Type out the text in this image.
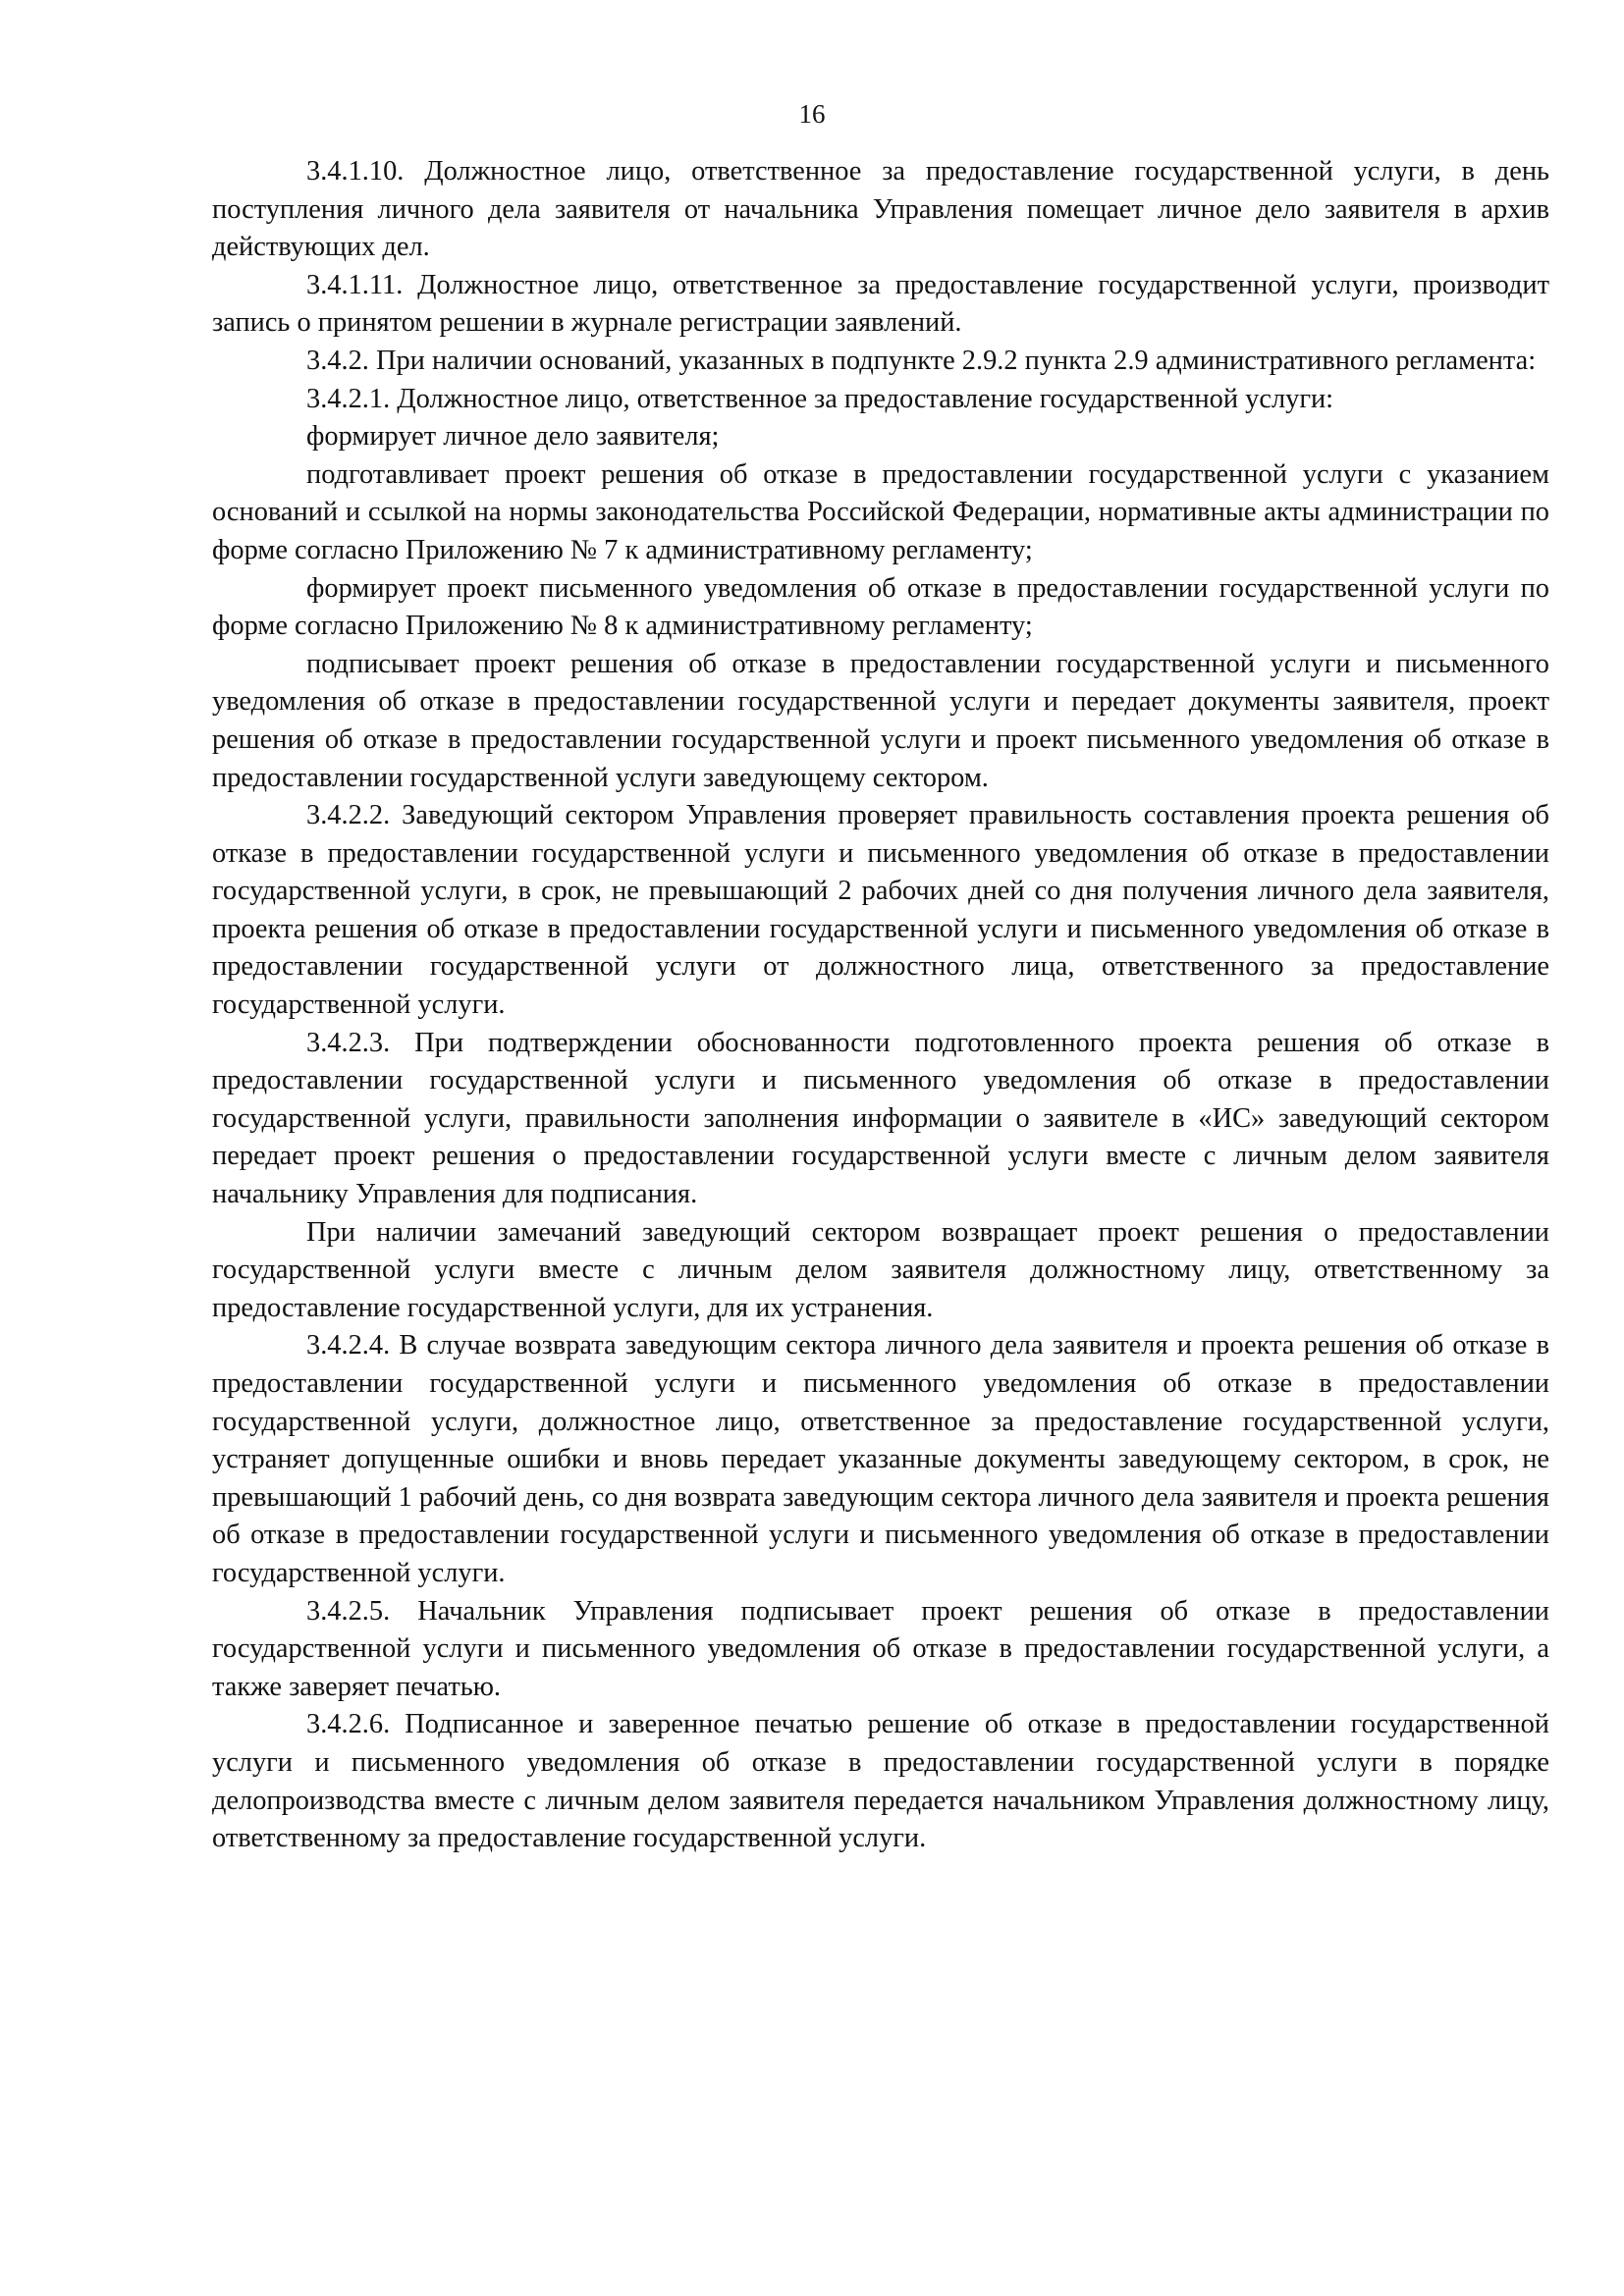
16

3.4.1.10. Должностное лицо, ответственное за предоставление государственной услуги, в день поступления личного дела заявителя от начальника Управления помещает личное дело заявителя в архив действующих дел.

3.4.1.11. Должностное лицо, ответственное за предоставление государственной услуги, производит запись о принятом решении в журнале регистрации заявлений.

3.4.2. При наличии оснований, указанных в подпункте 2.9.2 пункта 2.9 административного регламента:

3.4.2.1. Должностное лицо, ответственное за предоставление государственной услуги:

формирует личное дело заявителя;

подготавливает проект решения об отказе в предоставлении государственной услуги с указанием оснований и ссылкой на нормы законодательства Российской Федерации, нормативные акты администрации по форме согласно Приложению № 7 к административному регламенту;

формирует проект письменного уведомления об отказе в предоставлении государственной услуги по форме согласно Приложению № 8 к административному регламенту;

подписывает проект решения об отказе в предоставлении государственной услуги и письменного уведомления об отказе в предоставлении государственной услуги и передает документы заявителя, проект решения об отказе в предоставлении государственной услуги и проект письменного уведомления об отказе в предоставлении государственной услуги заведующему сектором.

3.4.2.2. Заведующий сектором Управления проверяет правильность составления проекта решения об отказе в предоставлении государственной услуги и письменного уведомления об отказе в предоставлении государственной услуги, в срок, не превышающий 2 рабочих дней со дня получения личного дела заявителя, проекта решения об отказе в предоставлении государственной услуги и письменного уведомления об отказе в предоставлении государственной услуги от должностного лица, ответственного за предоставление государственной услуги.

3.4.2.3. При подтверждении обоснованности подготовленного проекта решения об отказе в предоставлении государственной услуги и письменного уведомления об отказе в предоставлении государственной услуги, правильности заполнения информации о заявителе в «ИС» заведующий сектором передает проект решения о предоставлении государственной услуги вместе с личным делом заявителя начальнику Управления для подписания.

При наличии замечаний заведующий сектором возвращает проект решения о предоставлении государственной услуги вместе с личным делом заявителя должностному лицу, ответственному за предоставление государственной услуги, для их устранения.

3.4.2.4. В случае возврата заведующим сектора личного дела заявителя и проекта решения об отказе в предоставлении государственной услуги и письменного уведомления об отказе в предоставлении государственной услуги, должностное лицо, ответственное за предоставление государственной услуги, устраняет допущенные ошибки и вновь передает указанные документы заведующему сектором, в срок, не превышающий 1 рабочий день, со дня возврата заведующим сектора личного дела заявителя и проекта решения об отказе в предоставлении государственной услуги и письменного уведомления об отказе в предоставлении государственной услуги.

3.4.2.5. Начальник Управления подписывает проект решения об отказе в предоставлении государственной услуги и письменного уведомления об отказе в предоставлении государственной услуги, а также заверяет печатью.

3.4.2.6. Подписанное и заверенное печатью решение об отказе в предоставлении государственной услуги и письменного уведомления об отказе в предоставлении государственной услуги в порядке делопроизводства вместе с личным делом заявителя передается начальником Управления должностному лицу, ответственному за предоставление государственной услуги.
